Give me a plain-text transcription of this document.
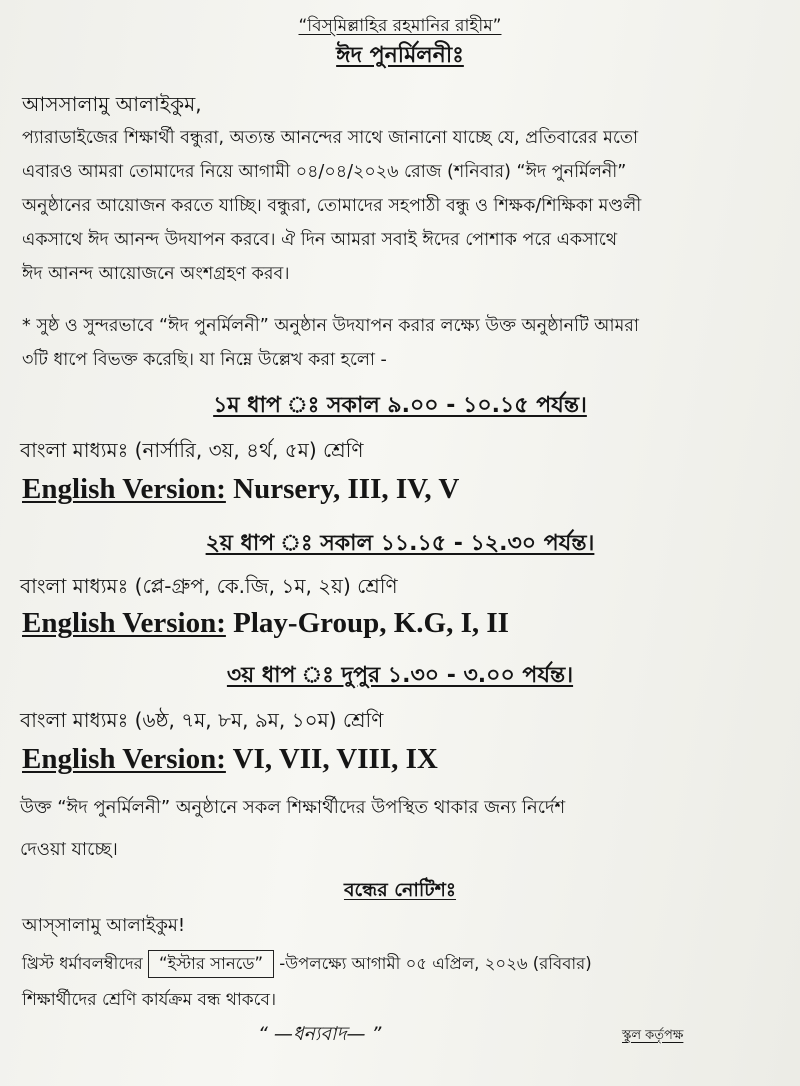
“বিস্‌মিল্লাহির রহমানির রাহীম”
ঈদ পুনর্মিলনীঃ
আসসালামু আলাইকুম,
প্যারাডাইজের শিক্ষার্থী বন্ধুরা, অত্যন্ত আনন্দের সাথে জানানো যাচ্ছে যে, প্রতিবারের মতো
এবারও আমরা তোমাদের নিয়ে আগামী ০৪/০৪/২০২৬ রোজ (শনিবার) “ঈদ পুনর্মিলনী”
অনুষ্ঠানের আয়োজন করতে যাচ্ছি। বন্ধুরা, তোমাদের সহপাঠী বন্ধু ও শিক্ষক/শিক্ষিকা মণ্ডলী
একসাথে ঈদ আনন্দ উদযাপন করবে। ঐ দিন আমরা সবাই ঈদের পোশাক পরে একসাথে
ঈদ আনন্দ আয়োজনে অংশগ্রহণ করব।
* সুষ্ঠ ও সুন্দরভাবে “ঈদ পুনর্মিলনী” অনুষ্ঠান উদযাপন করার লক্ষ্যে উক্ত অনুষ্ঠানটি আমরা
৩টি ধাপে বিভক্ত করেছি। যা নিম্নে উল্লেখ করা হলো -
১ম ধাপ ঃ সকাল ৯.০০ - ১০.১৫ পর্যন্ত।
বাংলা মাধ্যমঃ (নার্সারি, ৩য়, ৪র্থ, ৫ম) শ্রেণি
English Version: Nursery, III, IV, V
২য় ধাপ ঃ সকাল ১১.১৫ - ১২.৩০ পর্যন্ত।
বাংলা মাধ্যমঃ (প্লে-গ্রুপ, কে.জি, ১ম, ২য়) শ্রেণি
English Version: Play-Group, K.G, I, II
৩য় ধাপ ঃ দুপুর ১.৩০ - ৩.০০ পর্যন্ত।
বাংলা মাধ্যমঃ (৬ষ্ঠ, ৭ম, ৮ম, ৯ম, ১০ম) শ্রেণি
English Version: VI, VII, VIII, IX
উক্ত “ঈদ পুনর্মিলনী” অনুষ্ঠানে সকল শিক্ষার্থীদের উপস্থিত থাকার জন্য নির্দেশ
দেওয়া যাচ্ছে।
বন্ধের নোটিশঃ
আস্‌সালামু আলাইকুম!
খ্রিস্ট ধর্মাবলম্বীদের “ইস্টার সানডে” -উপলক্ষ্যে আগামী ০৫ এপ্রিল, ২০২৬ (রবিবার)
শিক্ষার্থীদের শ্রেণি কার্যক্রম বন্ধ থাকবে।
“ —ধন্যবাদ— ”	স্কুল কর্তৃপক্ষ
